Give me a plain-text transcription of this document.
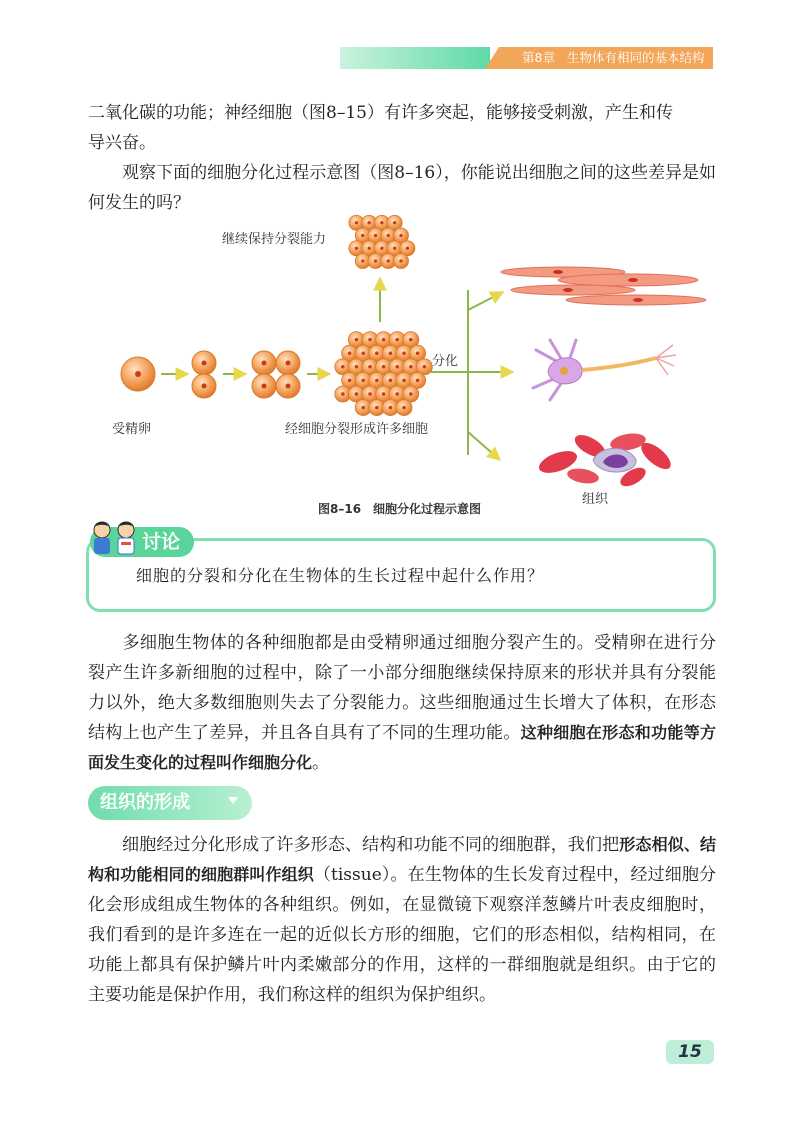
第8章 生物体有相同的基本结构

二氧化碳的功能；神经细胞（图8–15）有许多突起，能够接受刺激，产生和传
导兴奋。

观察下面的细胞分化过程示意图（图8–16），你能说出细胞之间的这些差异是如何发生的吗？

继续保持分裂能力
分化
受精卵	经细胞分裂形成许多细胞
组织
图8–16　细胞分化过程示意图
讨论
细胞的分裂和分化在生物体的生长过程中起什么作用？

多细胞生物体的各种细胞都是由受精卵通过细胞分裂产生的。受精卵在进行分裂产生许多新细胞的过程中，除了一小部分细胞继续保持原来的形状并具有分裂能力以外，绝大多数细胞则失去了分裂能力。这些细胞通过生长增大了体积，在形态结构上也产生了差异，并且各自具有了不同的生理功能。这种细胞在形态和功能等方面发生变化的过程叫作细胞分化。

组织的形成

细胞经过分化形成了许多形态、结构和功能不同的细胞群，我们把形态相似、结构和功能相同的细胞群叫作组织（tissue）。在生物体的生长发育过程中，经过细胞分化会形成组成生物体的各种组织。例如，在显微镜下观察洋葱鳞片叶表皮细胞时，我们看到的是许多连在一起的近似长方形的细胞，它们的形态相似，结构相同，在功能上都具有保护鳞片叶内柔嫩部分的作用，这样的一群细胞就是组织。由于它的主要功能是保护作用，我们称这样的组织为保护组织。

15
